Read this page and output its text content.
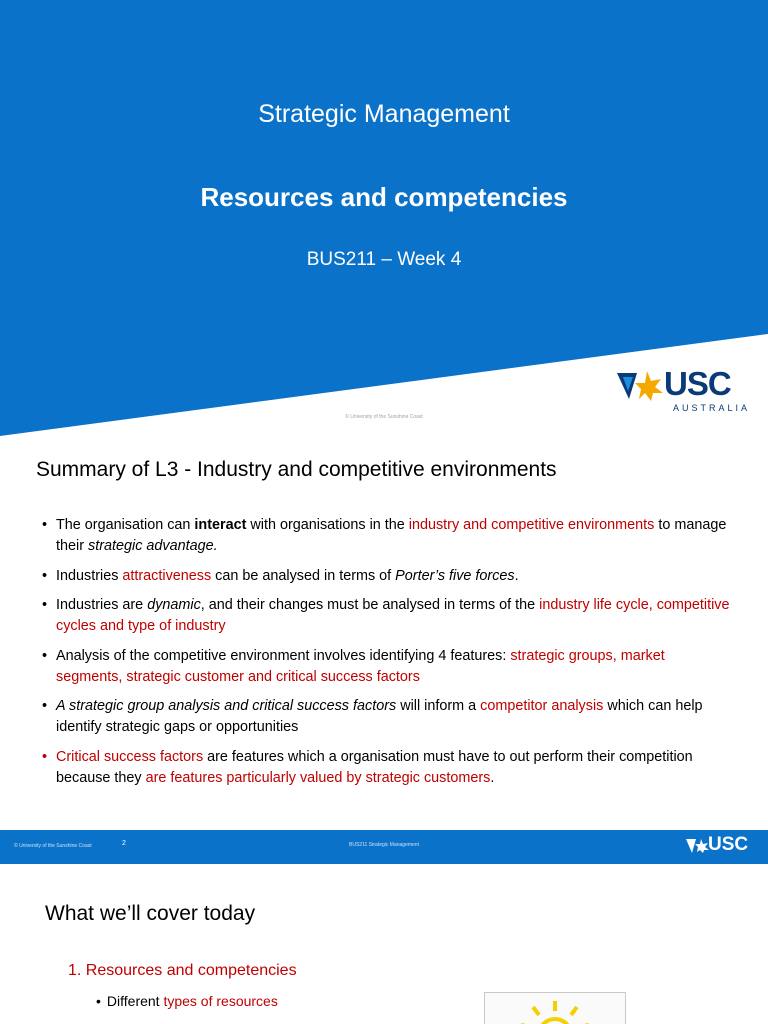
Strategic Management
Resources and competencies
BUS211 – Week 4
© University of the Sunshine Coast
USC
AUSTRALIA
Summary of L3 - Industry and competitive environments
• The organisation can interact with organisations in the industry and competitive environments to manage their strategic advantage.
• Industries attractiveness can be analysed in terms of Porter’s five forces.
• Industries are dynamic, and their changes must be analysed in terms of the industry life cycle, competitive cycles and type of industry
• Analysis of the competitive environment involves identifying 4 features: strategic groups, market segments, strategic customer and critical success factors
• A strategic group analysis and critical success factors will inform a competitor analysis which can help identify strategic gaps or opportunities
• Critical success factors are features which a organisation must have to out perform their competition because they are features particularly valued by strategic customers.
© University of the Sunshine Coast	2	BUS211 Strategic Management	USC
What we’ll cover today
1. Resources and competencies
• Different types of resources
